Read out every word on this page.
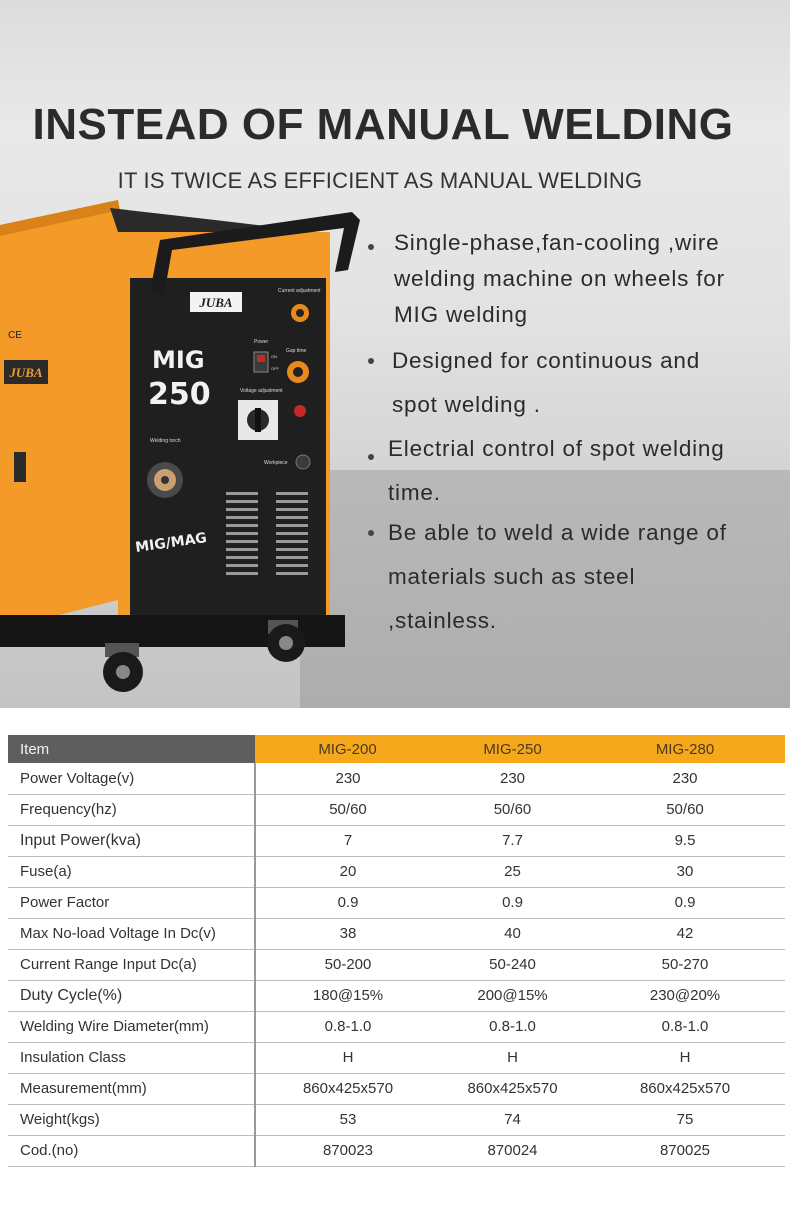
INSTEAD OF MANUAL WELDING
IT IS TWICE AS EFFICIENT AS MANUAL WELDING
JUBA
CE
JUBA
MIG
250
MIG/MAG
Current adjustment
Gap time
Power
ON
OFF
Voltage adjustment
Welding torch
Workpiece
Single-phase,fan-cooling ,wire
welding machine on wheels for
MIG welding
Designed for continuous and
spot welding .
Electrial control of spot welding
time.
Be able to weld a wide range of
materials such as steel
,stainless.
Item	MIG-200	MIG-250	MIG-280
Power Voltage(v)	230	230	230
Frequency(hz)	50/60	50/60	50/60
Input Power(kva)	7	7.7	9.5
Fuse(a)	20	25	30
Power Factor	0.9	0.9	0.9
Max No-load Voltage In Dc(v)	38	40	42
Current Range Input Dc(a)	50-200	50-240	50-270
Duty Cycle(%)	180@15%	200@15%	230@20%
Welding Wire Diameter(mm)	0.8-1.0	0.8-1.0	0.8-1.0
Insulation Class	H	H	H
Measurement(mm)	860x425x570	860x425x570	860x425x570
Weight(kgs)	53	74	75
Cod.(no)	870023	870024	870025
